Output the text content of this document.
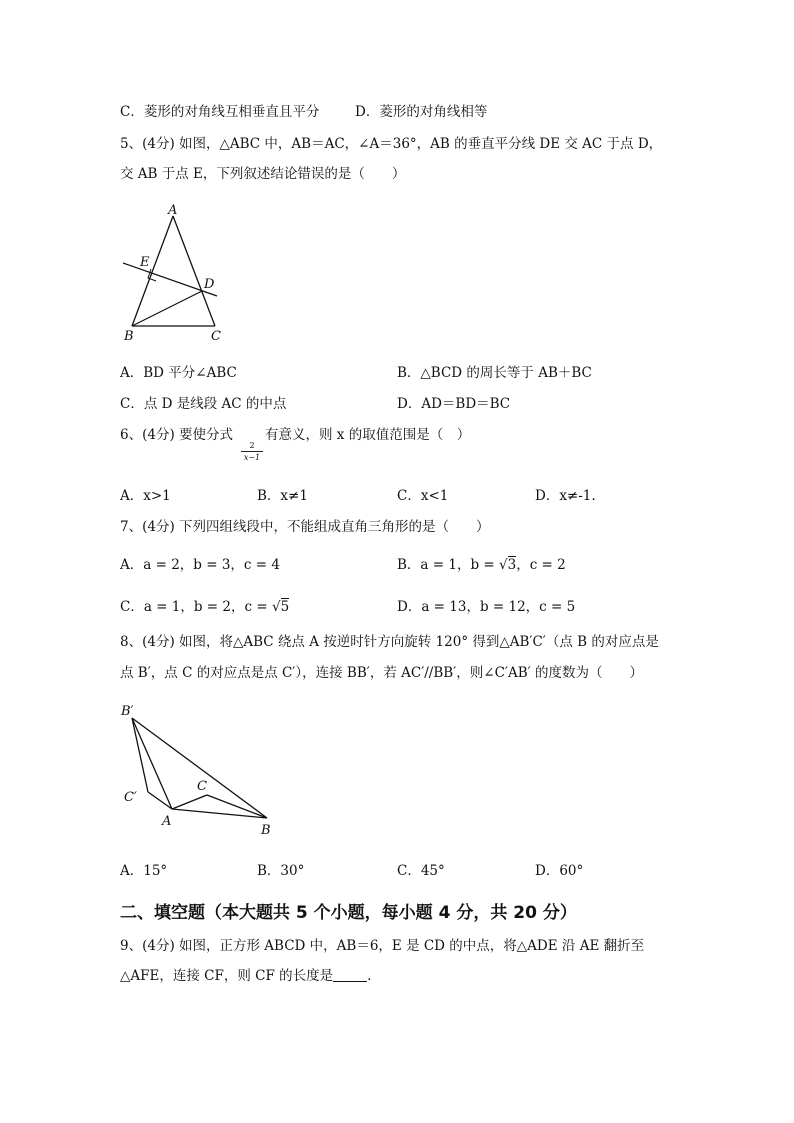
C．菱形的对角线互相垂直且平分	D．菱形的对角线相等
5、(4分) 如图，△ABC 中，AB＝AC，∠A＝36°，AB 的垂直平分线 DE 交 AC 于点 D，
交 AB 于点 E，下列叙述结论错误的是（　　）
A
E
D
B	C
A．BD 平分∠ABC	B．△BCD 的周长等于 AB＋BC
C．点 D 是线段 AC 的中点	D．AD＝BD＝BC
6、(4分) 要使分式
2
x−1
有意义，则 x 的取值范围是（　）
A．x>1	B．x≠1	C．x<1	D．x≠-1.
7、(4分) 下列四组线段中，不能组成直角三角形的是（　　）
A．a = 2，b = 3，c = 4	B．a = 1，b = √3，c = 2
C．a = 1，b = 2，c = √5	D．a = 13，b = 12，c = 5
8、(4分) 如图，将△ABC 绕点 A 按逆时针方向旋转 120° 得到△AB′C′（点 B 的对应点是
点 B′，点 C 的对应点是点 C′），连接 BB′，若 AC′//BB′，则∠C′AB′ 的度数为（　　）
B′
C′
A
C
B
A．15°	B．30°	C．45°	D．60°
二、填空题（本大题共 5 个小题，每小题 4 分，共 20 分）
9、(4分) 如图，正方形 ABCD 中，AB＝6，E 是 CD 的中点，将△ADE 沿 AE 翻折至
△AFE，连接 CF，则 CF 的长度是	.
